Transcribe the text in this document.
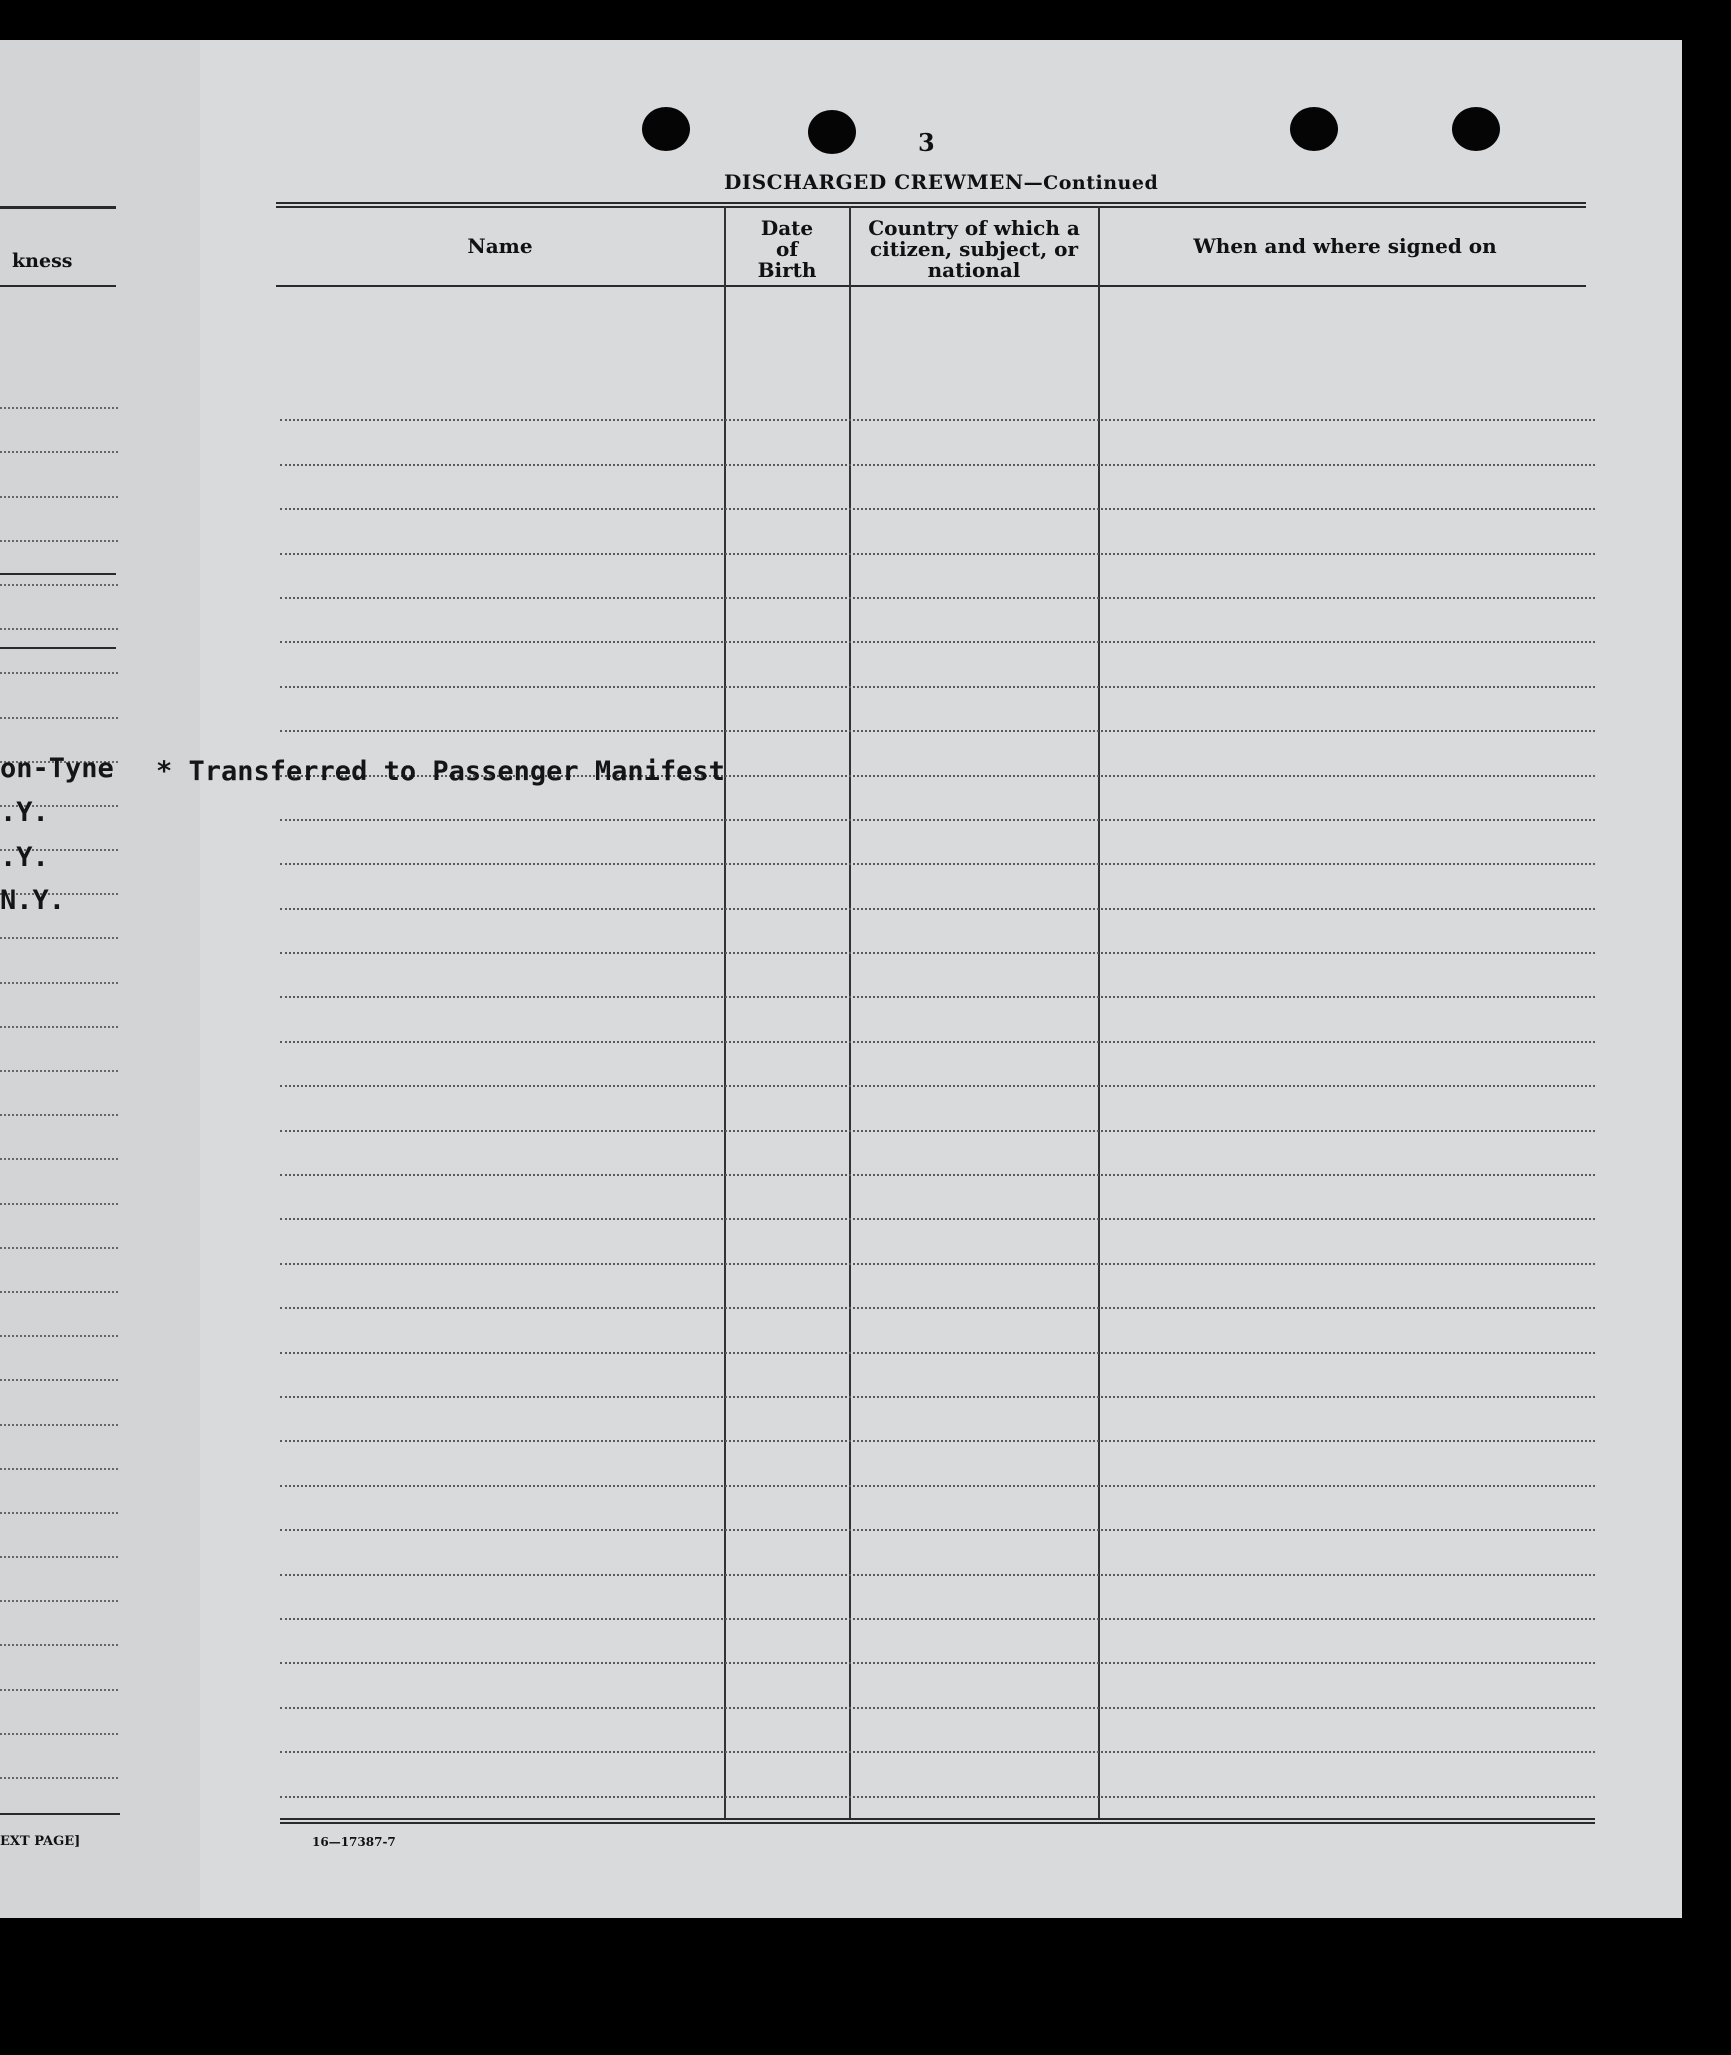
kness
EXT PAGE]
on-Tyne
.Y.
.Y.
N.Y.
3
DISCHARGED CREWMEN—Continued
Name
Date
of
Birth
Country of which a
citizen, subject, or
national
When and where signed on
* Transferred to Passenger Manifest
16—17387-7
